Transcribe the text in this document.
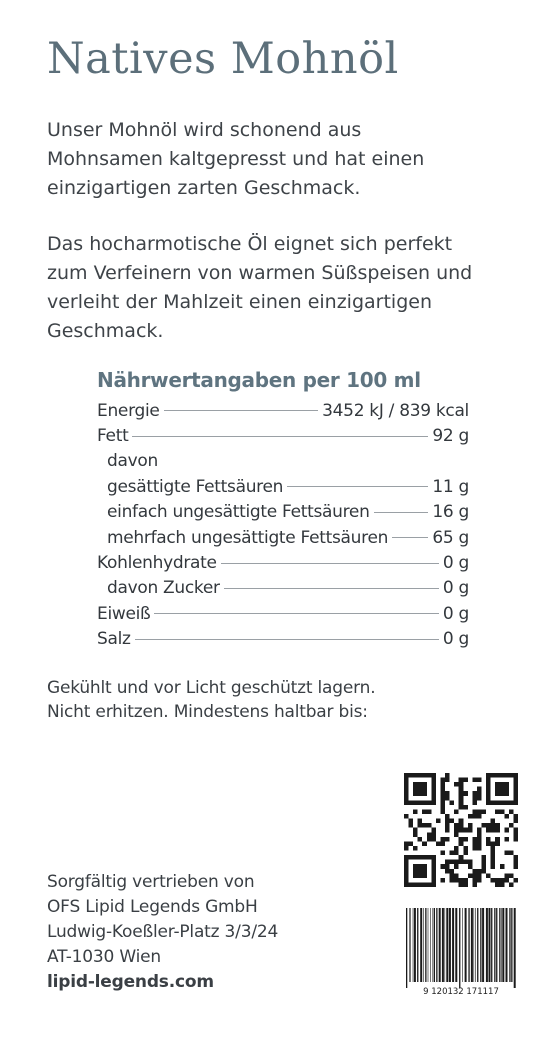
Natives Mohnöl

Unser Mohnöl wird schonend aus
Mohnsamen kaltgepresst und hat einen
einzigartigen zarten Geschmack.

Das hocharmotische Öl eignet sich perfekt
zum Verfeinern von warmen Süßspeisen und
verleiht der Mahlzeit einen einzigartigen
Geschmack.

Nährwertangaben per 100 ml
Energie	3452 kJ / 839 kcal
Fett	92 g
davon
gesättigte Fettsäuren	11 g
einfach ungesättigte Fettsäuren	16 g
mehrfach ungesättigte Fettsäuren	65 g
Kohlenhydrate	0 g
davon Zucker	0 g
Eiweiß	0 g
Salz	0 g

Gekühlt und vor Licht geschützt lagern.
Nicht erhitzen. Mindestens haltbar bis:

Sorgfältig vertrieben von
OFS Lipid Legends GmbH
Ludwig-Koeßler-Platz 3/3/24
AT-1030 Wien
lipid-legends.com	9 120132 171117
